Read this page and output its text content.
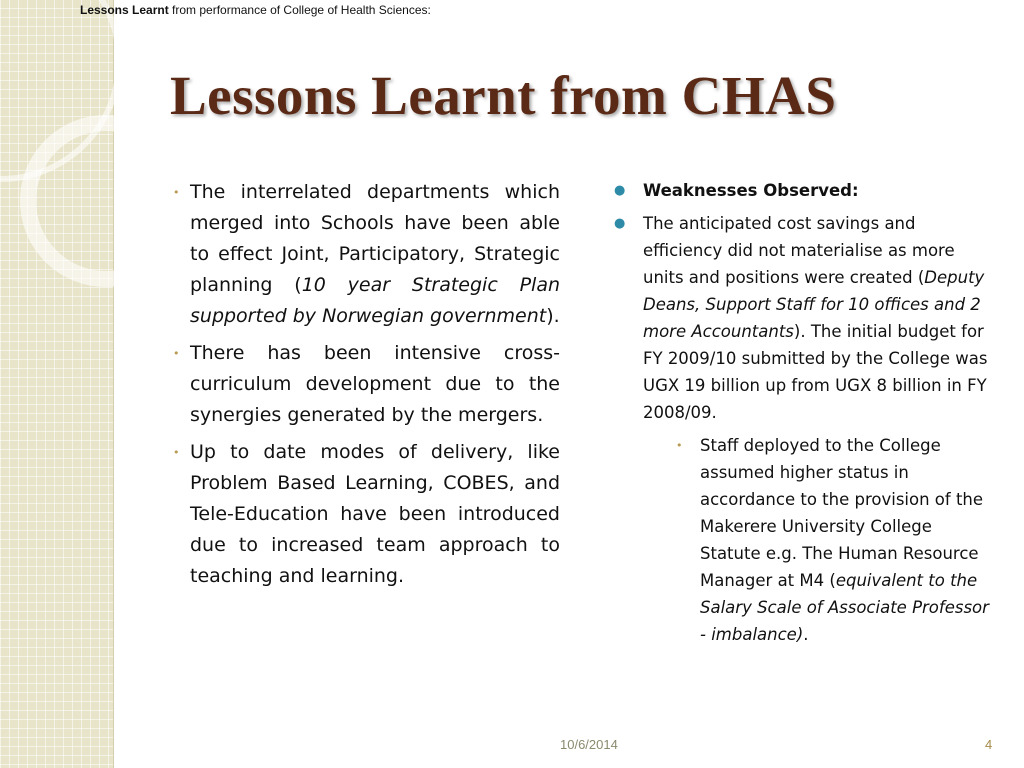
Lessons Learnt from performance of College of Health Sciences:
Lessons Learnt from CHAS
• The interrelated departments which merged into Schools have been able to effect Joint, Participatory, Strategic planning (10 year Strategic Plan supported by Norwegian government).
• There has been intensive cross-curriculum development due to the synergies generated by the mergers.
• Up to date modes of delivery, like Problem Based Learning, COBES, and Tele-Education have been introduced due to increased team approach to teaching and learning.
● Weaknesses Observed:
● The anticipated cost savings and efficiency did not materialise as more units and positions were created (Deputy Deans, Support Staff for 10 offices and 2 more Accountants). The initial budget for FY 2009/10 submitted by the College was UGX 19 billion up from UGX 8 billion in FY 2008/09.
• Staff deployed to the College assumed higher status in accordance to the provision of the Makerere University College Statute e.g. The Human Resource Manager at M4 (equivalent to the Salary Scale of Associate Professor - imbalance).
10/6/2014	4
